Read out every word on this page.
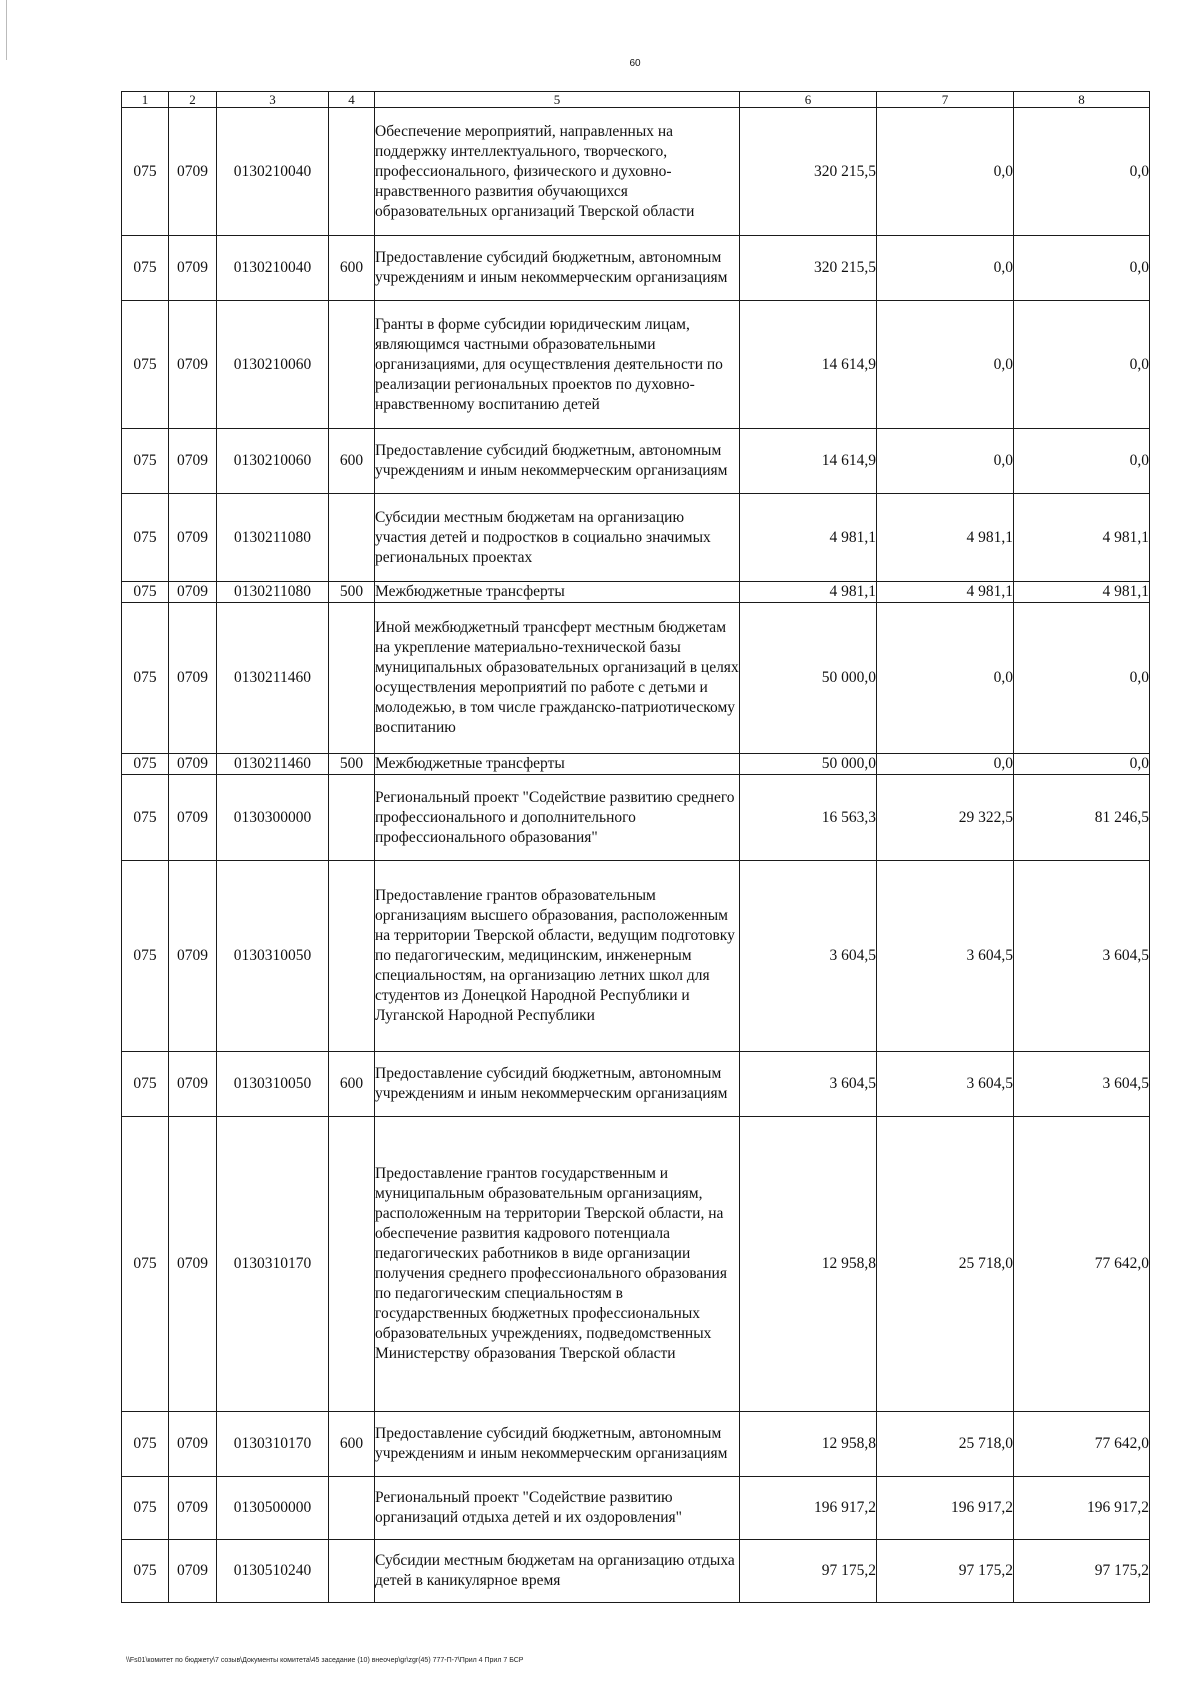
60
1	2	3	4	5	6	7	8
075	0709	0130210040		Обеспечение мероприятий, направленных на поддержку интеллектуального, творческого, профессионального, физического и духовно-нравственного развития обучающихся образовательных организаций Тверской области	320 215,5	0,0	0,0
075	0709	0130210040	600	Предоставление субсидий бюджетным, автономным учреждениям и иным некоммерческим организациям	320 215,5	0,0	0,0
075	0709	0130210060		Гранты в форме субсидии юридическим лицам, являющимся частными образовательными организациями, для осуществления деятельности по реализации региональных проектов по духовно-нравственному воспитанию детей	14 614,9	0,0	0,0
075	0709	0130210060	600	Предоставление субсидий бюджетным, автономным учреждениям и иным некоммерческим организациям	14 614,9	0,0	0,0
075	0709	0130211080		Субсидии местным бюджетам на организацию участия детей и подростков в социально значимых региональных проектах	4 981,1	4 981,1	4 981,1
075	0709	0130211080	500	Межбюджетные трансферты	4 981,1	4 981,1	4 981,1
075	0709	0130211460		Иной межбюджетный трансферт местным бюджетам на укрепление материально-технической базы муниципальных образовательных организаций в целях осуществления мероприятий по работе с детьми и молодежью, в том числе гражданско-патриотическому воспитанию	50 000,0	0,0	0,0
075	0709	0130211460	500	Межбюджетные трансферты	50 000,0	0,0	0,0
075	0709	0130300000		Региональный проект "Содействие развитию среднего профессионального и дополнительного профессионального образования"	16 563,3	29 322,5	81 246,5
075	0709	0130310050		Предоставление грантов образовательным организациям высшего образования, расположенным на территории Тверской области, ведущим подготовку по педагогическим, медицинским, инженерным специальностям, на организацию летних школ для студентов из Донецкой Народной Республики и Луганской Народной Республики	3 604,5	3 604,5	3 604,5
075	0709	0130310050	600	Предоставление субсидий бюджетным, автономным учреждениям и иным некоммерческим организациям	3 604,5	3 604,5	3 604,5
075	0709	0130310170		Предоставление грантов государственным и муниципальным образовательным организациям, расположенным на территории Тверской области, на обеспечение развития кадрового потенциала педагогических работников в виде организации получения среднего профессионального образования по педагогическим специальностям в государственных бюджетных профессиональных образовательных учреждениях, подведомственных Министерству образования Тверской области	12 958,8	25 718,0	77 642,0
075	0709	0130310170	600	Предоставление субсидий бюджетным, автономным учреждениям и иным некоммерческим организациям	12 958,8	25 718,0	77 642,0
075	0709	0130500000		Региональный проект "Содействие развитию организаций отдыха детей и их оздоровления"	196 917,2	196 917,2	196 917,2
075	0709	0130510240		Субсидии местным бюджетам на организацию отдыха детей в каникулярное время	97 175,2	97 175,2	97 175,2
\\Fs01\комитет по бюджету\7 созыв\Документы комитета\45 заседание (10) внеочер\gr\zgr(45) 777-П-7\Прил 4 Прил 7 БСР
